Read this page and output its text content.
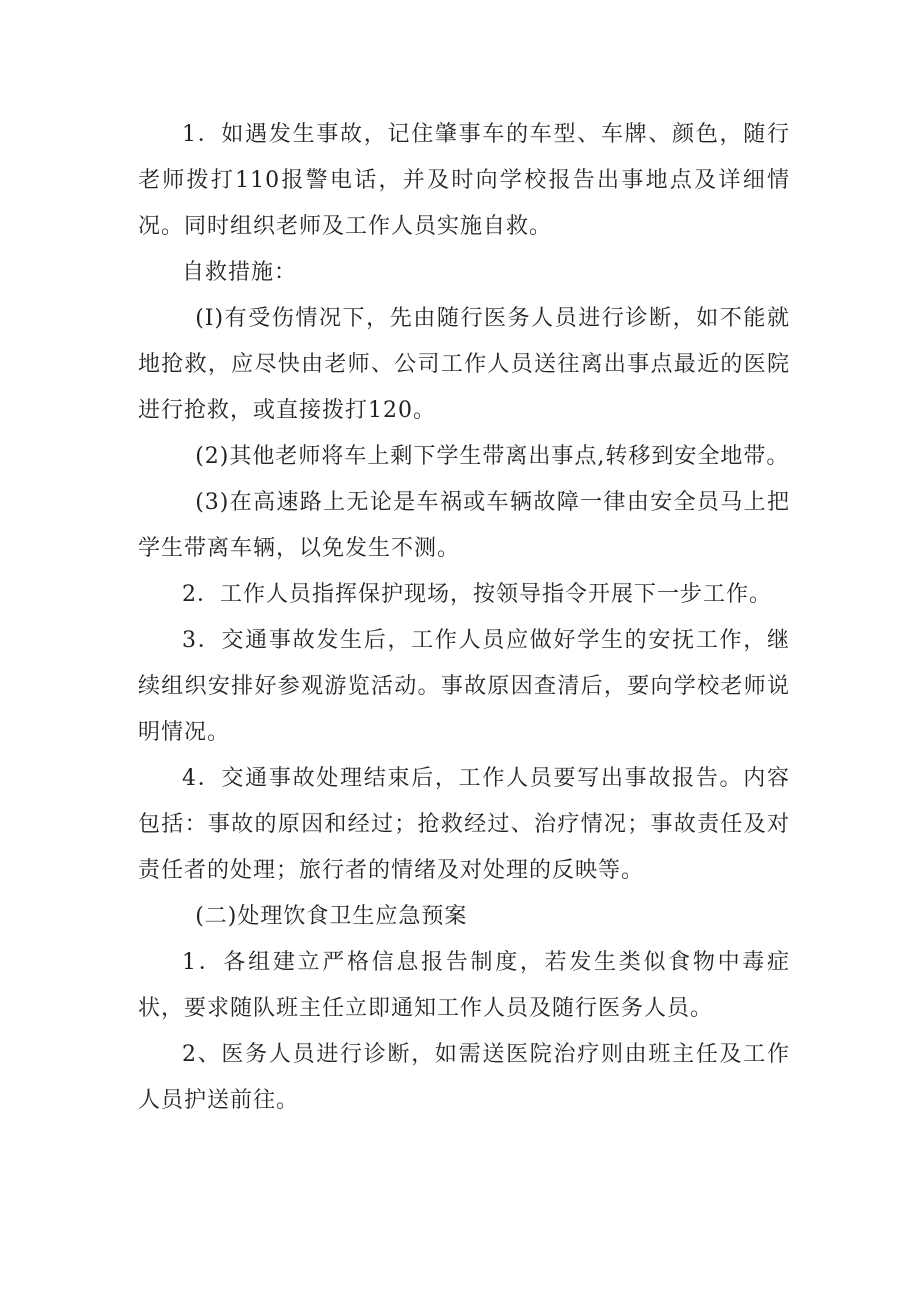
1．如遇发生事故，记住肇事车的车型、车牌、颜色，随行老师拨打110报警电话，并及时向学校报告出事地点及详细情况。同时组织老师及工作人员实施自救。

自救措施：

(I)有受伤情况下，先由随行医务人员进行诊断，如不能就地抢救，应尽快由老师、公司工作人员送往离出事点最近的医院进行抢救，或直接拨打120。

(2)其他老师将车上剩下学生带离出事点,转移到安全地带。

(3)在高速路上无论是车祸或车辆故障一律由安全员马上把学生带离车辆，以免发生不测。

2．工作人员指挥保护现场，按领导指令开展下一步工作。

3．交通事故发生后，工作人员应做好学生的安抚工作，继续组织安排好参观游览活动。事故原因查清后，要向学校老师说明情况。

4．交通事故处理结束后，工作人员要写出事故报告。内容包括：事故的原因和经过；抢救经过、治疗情况；事故责任及对责任者的处理；旅行者的情绪及对处理的反映等。

(二)处理饮食卫生应急预案

1．各组建立严格信息报告制度，若发生类似食物中毒症状，要求随队班主任立即通知工作人员及随行医务人员。

2、医务人员进行诊断，如需送医院治疗则由班主任及工作人员护送前往。
